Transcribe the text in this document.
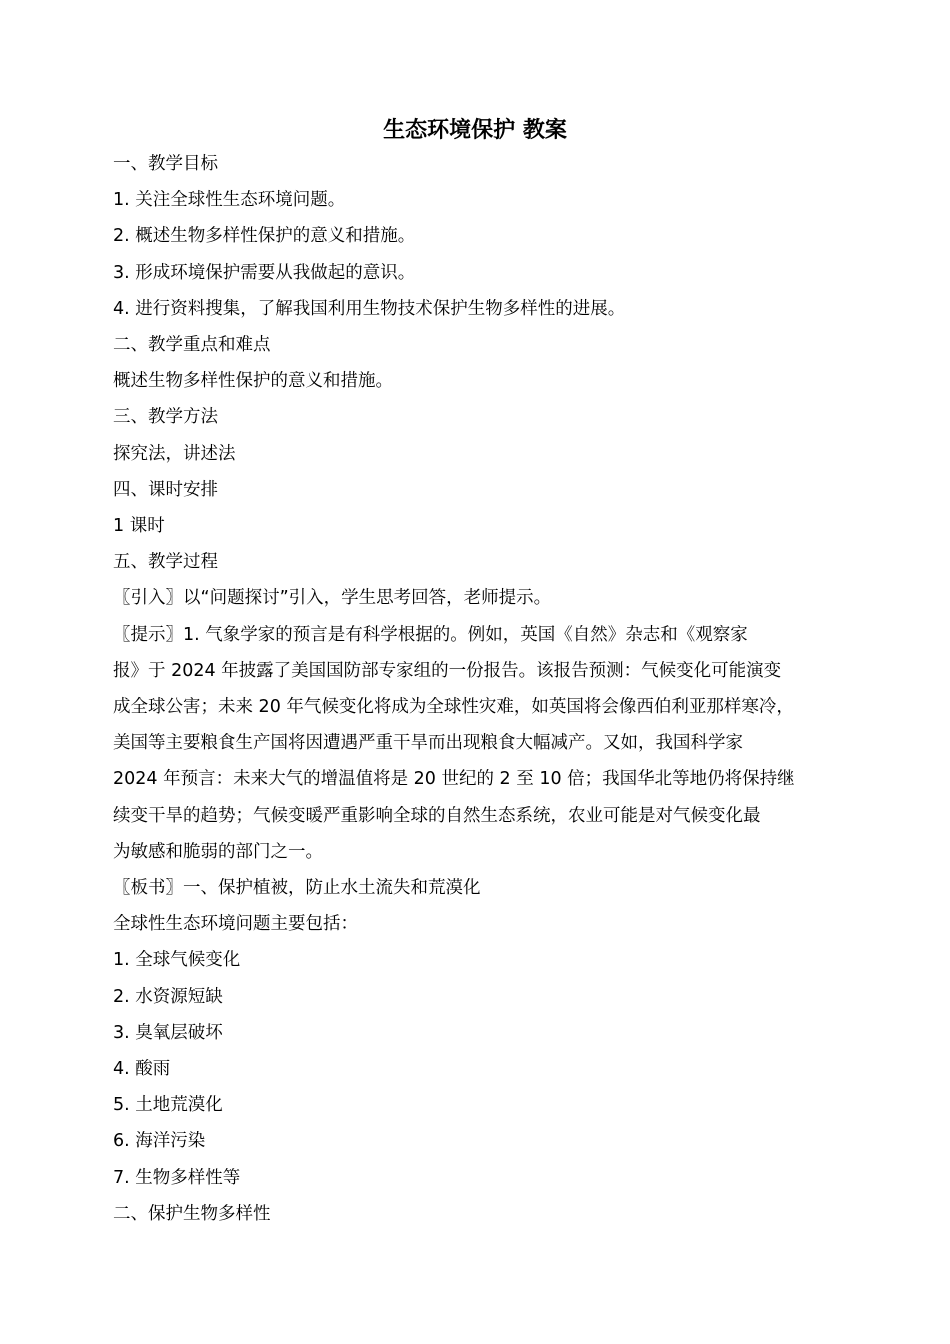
生态环境保护 教案

一、教学目标

1. 关注全球性生态环境问题。

2. 概述生物多样性保护的意义和措施。

3. 形成环境保护需要从我做起的意识。

4. 进行资料搜集，了解我国利用生物技术保护生物多样性的进展。

二、教学重点和难点

概述生物多样性保护的意义和措施。

三、教学方法

探究法，讲述法

四、课时安排

1 课时

五、教学过程

〖引入〗以“问题探讨”引入，学生思考回答，老师提示。

〖提示〗1. 气象学家的预言是有科学根据的。例如，英国《自然》杂志和《观察家

报》于 2024 年披露了美国国防部专家组的一份报告。该报告预测：气候变化可能演变

成全球公害；未来 20 年气候变化将成为全球性灾难，如英国将会像西伯利亚那样寒冷，

美国等主要粮食生产国将因遭遇严重干旱而出现粮食大幅减产。又如，我国科学家

2024 年预言：未来大气的增温值将是 20 世纪的 2 至 10 倍；我国华北等地仍将保持继

续变干旱的趋势；气候变暖严重影响全球的自然生态系统，农业可能是对气候变化最

为敏感和脆弱的部门之一。

〖板书〗一、保护植被，防止水土流失和荒漠化

全球性生态环境问题主要包括：

1. 全球气候变化

2. 水资源短缺

3. 臭氧层破坏

4. 酸雨

5. 土地荒漠化

6. 海洋污染

7. 生物多样性等

二、保护生物多样性
